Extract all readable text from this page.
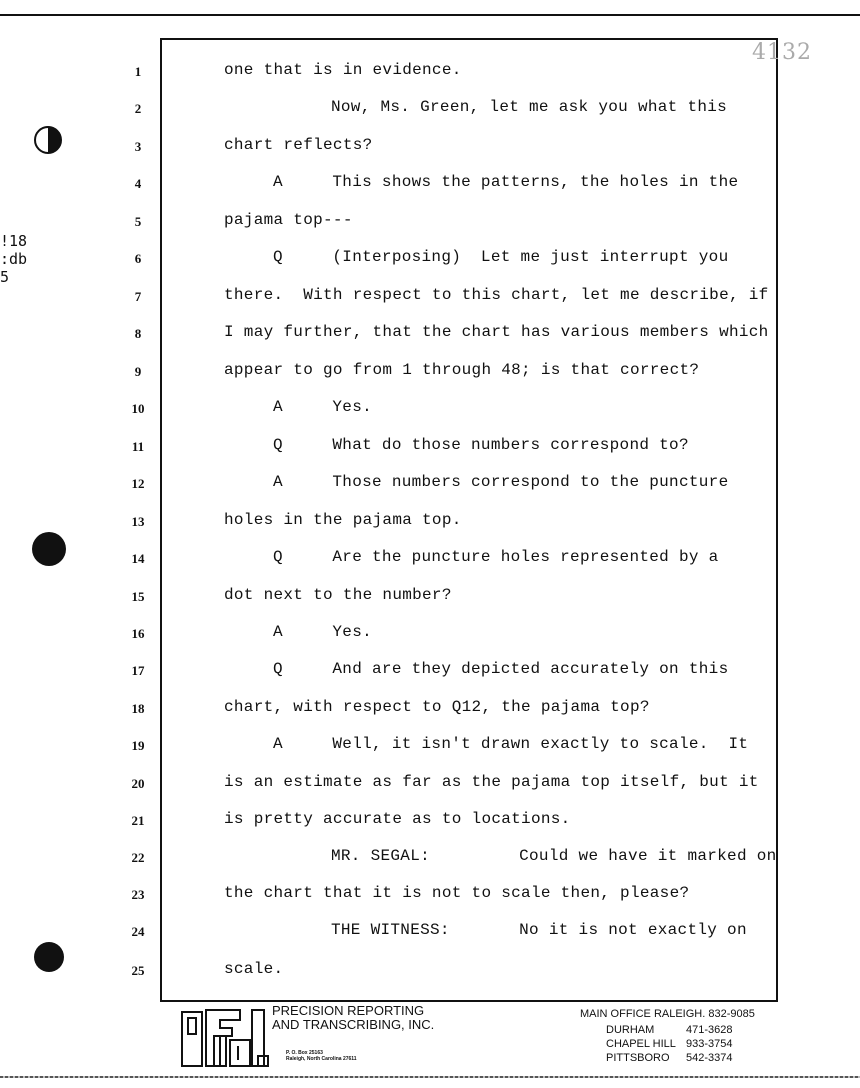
4132
!18
:db
5
1	one that is in evidence.
2	Now, Ms. Green, let me ask you what this
3	chart reflects?
4	A     This shows the patterns, the holes in the
5	pajama top---
6	Q     (Interposing)  Let me just interrupt you
7	there.  With respect to this chart, let me describe, if
8	I may further, that the chart has various members which
9	appear to go from 1 through 48; is that correct?
10	A     Yes.
11	Q     What do those numbers correspond to?
12	A     Those numbers correspond to the puncture
13	holes in the pajama top.
14	Q     Are the puncture holes represented by a
15	dot next to the number?
16	A     Yes.
17	Q     And are they depicted accurately on this
18	chart, with respect to Q12, the pajama top?
19	A     Well, it isn't drawn exactly to scale.  It
20	is an estimate as far as the pajama top itself, but it
21	is pretty accurate as to locations.
22	MR. SEGAL:         Could we have it marked on
23	the chart that it is not to scale then, please?
24	THE WITNESS:       No it is not exactly on
25	scale.
PRECISION REPORTING
AND TRANSCRIBING, INC.
P. O. Box 25163
Raleigh, North Carolina 27611
MAIN OFFICE RALEIGH. 832-9085
DURHAM	471-3628
CHAPEL HILL 933-3754
PITTSBORO 542-3374
